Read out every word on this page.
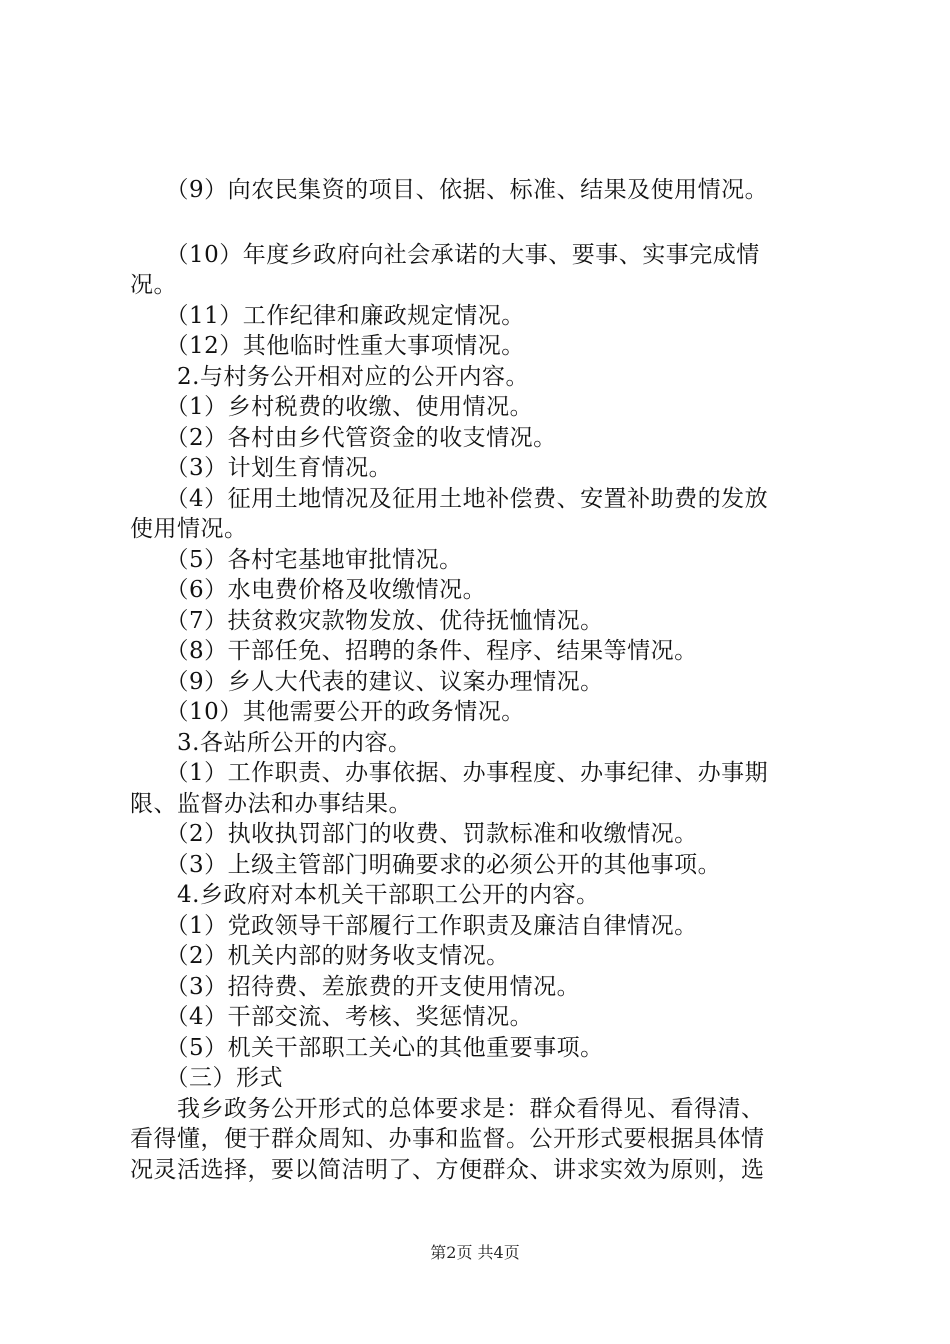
　　（9）向农民集资的项目、依据、标准、结果及使用情况。
　　（10）年度乡政府向社会承诺的大事、要事、实事完成情
况。
　　（11）工作纪律和廉政规定情况。
　　（12）其他临时性重大事项情况。
　　2.与村务公开相对应的公开内容。
　　（1）乡村税费的收缴、使用情况。
　　（2）各村由乡代管资金的收支情况。
　　（3）计划生育情况。
　　（4）征用土地情况及征用土地补偿费、安置补助费的发放
使用情况。
　　（5）各村宅基地审批情况。
　　（6）水电费价格及收缴情况。
　　（7）扶贫救灾款物发放、优待抚恤情况。
　　（8）干部任免、招聘的条件、程序、结果等情况。
　　（9）乡人大代表的建议、议案办理情况。
　　（10）其他需要公开的政务情况。
　　3.各站所公开的内容。
　　（1）工作职责、办事依据、办事程度、办事纪律、办事期
限、监督办法和办事结果。
　　（2）执收执罚部门的收费、罚款标准和收缴情况。
　　（3）上级主管部门明确要求的必须公开的其他事项。
　　4.乡政府对本机关干部职工公开的内容。
　　（1）党政领导干部履行工作职责及廉洁自律情况。
　　（2）机关内部的财务收支情况。
　　（3）招待费、差旅费的开支使用情况。
　　（4）干部交流、考核、奖惩情况。
　　（5）机关干部职工关心的其他重要事项。
　　（三）形式
　　我乡政务公开形式的总体要求是：群众看得见、看得清、
看得懂，便于群众周知、办事和监督。公开形式要根据具体情
况灵活选择，要以简洁明了、方便群众、讲求实效为原则，选
第2页 共4页
